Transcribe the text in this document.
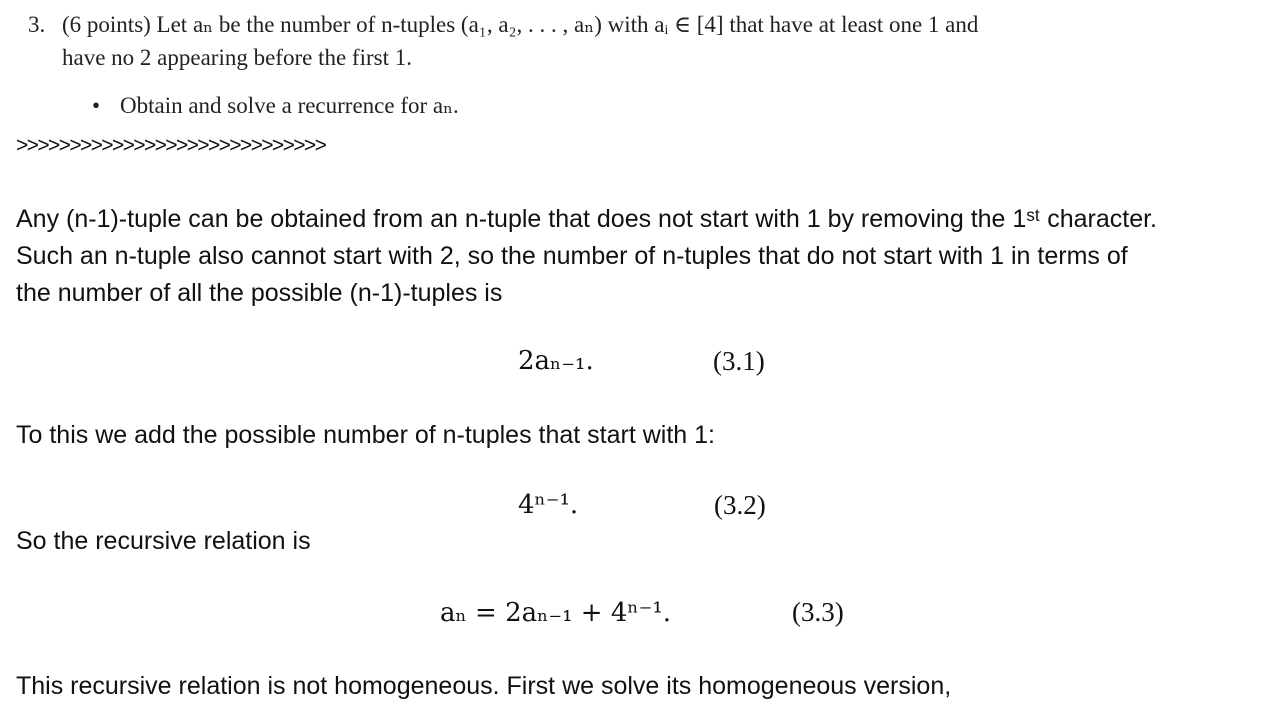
3. (6 points) Let aₙ be the number of n-tuples (a₁, a₂, . . . , aₙ) with aᵢ ∈ [4] that have at least one 1 and
have no 2 appearing before the first 1.
• Obtain and solve a recurrence for aₙ.
>>>>>>>>>>>>>>>>>>>>>>>>>>>>>
Any (n-1)-tuple can be obtained from an n-tuple that does not start with 1 by removing the 1ˢᵗ character.
Such an n-tuple also cannot start with 2, so the number of n-tuples that do not start with 1 in terms of
the number of all the possible (n-1)-tuples is
2aₙ₋₁.	(3.1)
To this we add the possible number of n-tuples that start with 1:
4ⁿ⁻¹.	(3.2)
So the recursive relation is
aₙ = 2aₙ₋₁ + 4ⁿ⁻¹.	(3.3)
This recursive relation is not homogeneous. First we solve its homogeneous version,
